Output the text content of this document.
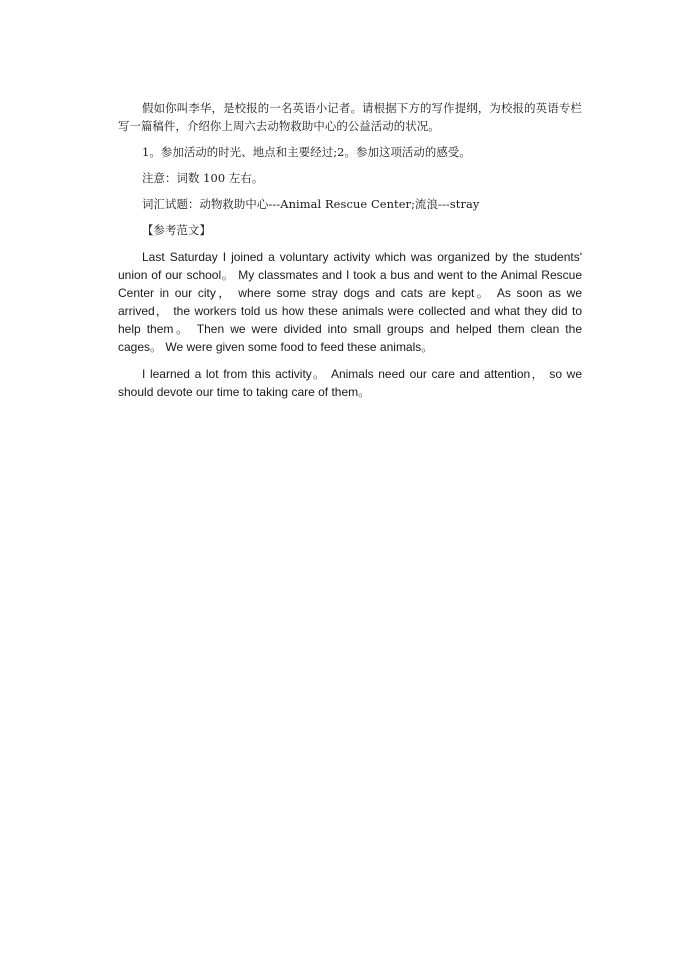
假如你叫李华，是校报的一名英语小记者。请根据下方的写作提纲，为校报的英语专栏写一篇稿件，介绍你上周六去动物救助中心的公益活动的状况。

1。参加活动的时光、地点和主要经过;2。参加这项活动的感受。

注意：词数 100 左右。

词汇试题：动物救助中心---Animal Rescue Center;流浪---stray

【参考范文】

Last Saturday I joined a voluntary activity which was organized by the students' union of our school。 My classmates and I took a bus and went to the Animal Rescue Center in our city， where some stray dogs and cats are kept。 As soon as we arrived， the workers told us how these animals were collected and what they did to help them。 Then we were divided into small groups and helped them clean the cages。 We were given some food to feed these animals。

I learned a lot from this activity。 Animals need our care and attention， so we should devote our time to taking care of them。
